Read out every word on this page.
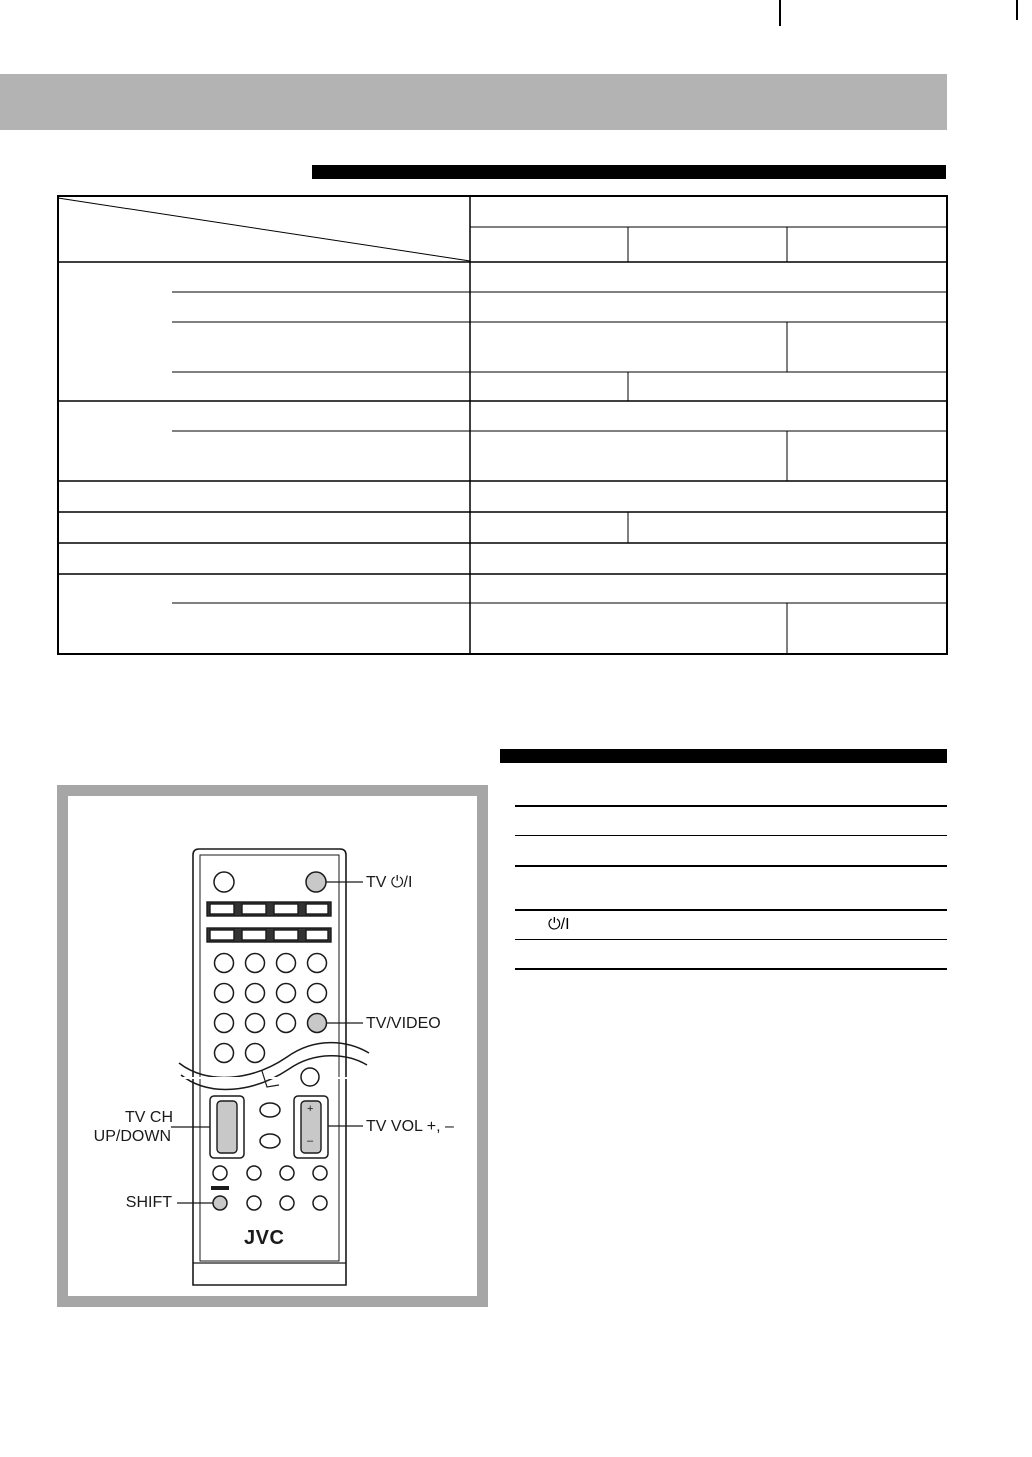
JVC
+
–
TV ⏻/I
TV/VIDEO
TV CH
UP/DOWN
TV VOL +, –
SHIFT
⏻/I
